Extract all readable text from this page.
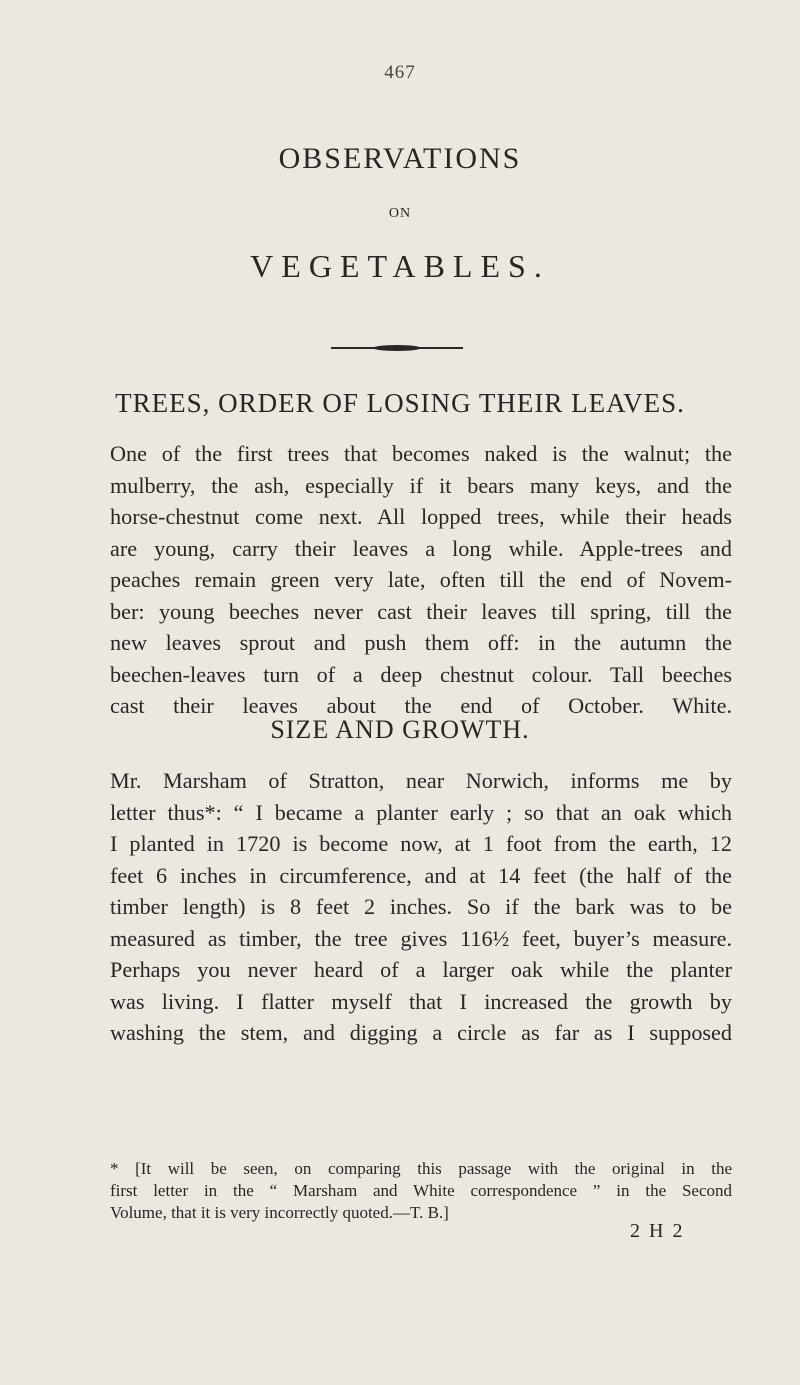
467
OBSERVATIONS
ON
VEGETABLES.
TREES, ORDER OF LOSING THEIR LEAVES.
One of the first trees that becomes naked is the walnut; the
mulberry, the ash, especially if it bears many keys, and the
horse-chestnut come next. All lopped trees, while their heads
are young, carry their leaves a long while. Apple-trees and
peaches remain green very late, often till the end of Novem-
ber: young beeches never cast their leaves till spring, till the
new leaves sprout and push them off: in the autumn the
beechen-leaves turn of a deep chestnut colour. Tall beeches
cast their leaves about the end of October. White.
SIZE AND GROWTH.
Mr. Marsham of Stratton, near Norwich, informs me by
letter thus*: “ I became a planter early ; so that an oak which
I planted in 1720 is become now, at 1 foot from the earth, 12
feet 6 inches in circumference, and at 14 feet (the half of the
timber length) is 8 feet 2 inches. So if the bark was to be
measured as timber, the tree gives 116½ feet, buyer’s measure.
Perhaps you never heard of a larger oak while the planter
was living. I flatter myself that I increased the growth by
washing the stem, and digging a circle as far as I supposed
* [It will be seen, on comparing this passage with the original in the
first letter in the “ Marsham and White correspondence ” in the Second
Volume, that it is very incorrectly quoted.—T. B.]
2 H 2
